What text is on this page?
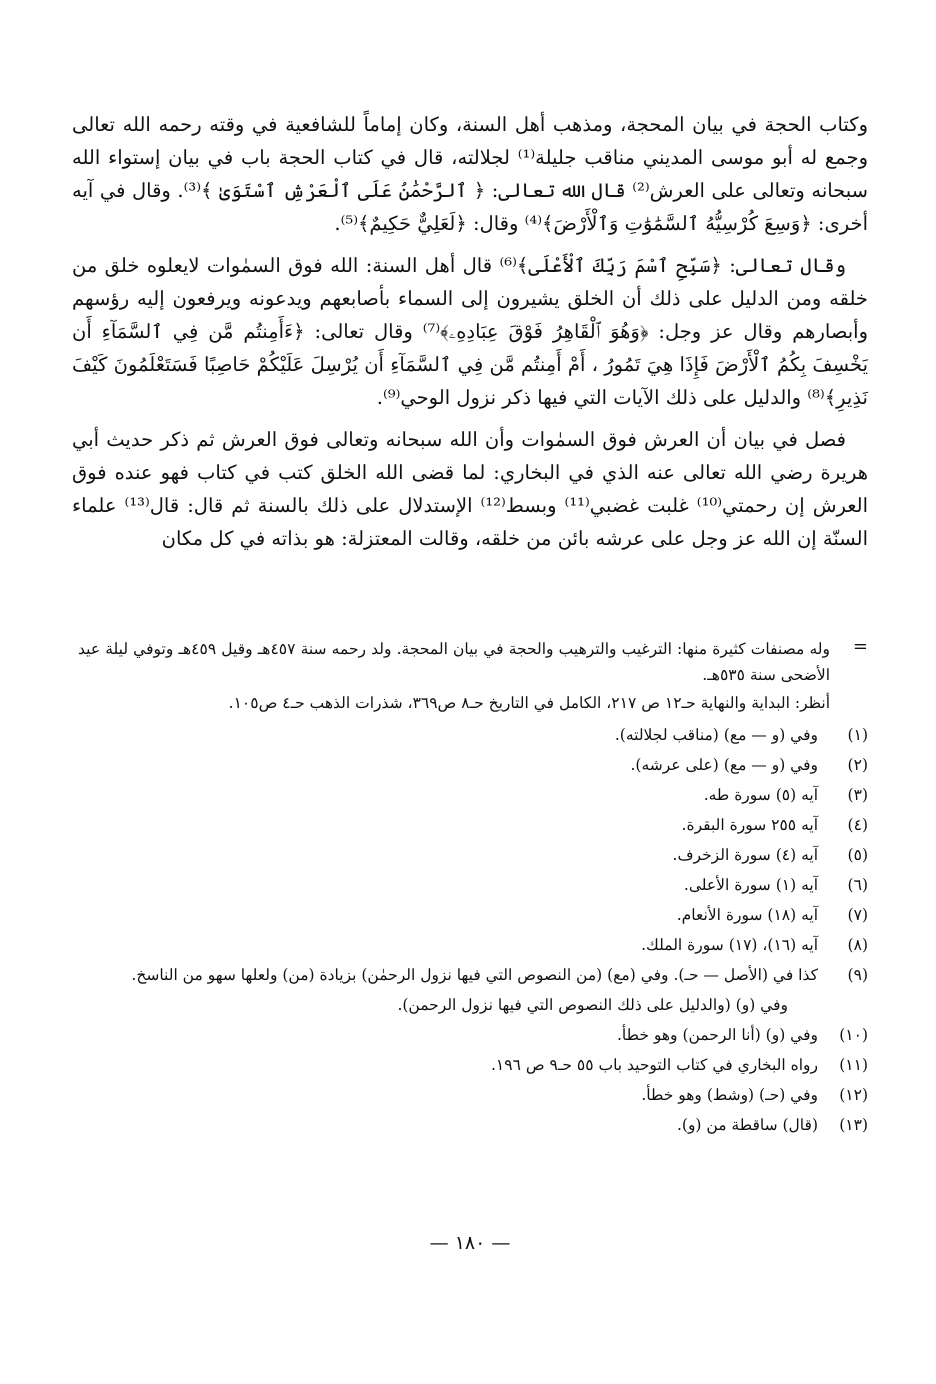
وكتاب الحجة في بيان المحجة، ومذهب أهل السنة، وكان إماماً للشافعية في وقته رحمه الله تعالى وجمع له أبو موسى المديني مناقب جليلة⁽¹⁾ لجلالته، قال في كتاب الحجة باب في بيان إستواء الله سبحانه وتعالى على العرش⁽²⁾ قال الله تعالى: ﴿ ٱلرَّحْمَٰنُ عَلَى ٱلْعَرْشِ ٱسْتَوَىٰ ﴾⁽³⁾. وقال في آيه أخرى: ﴿وَسِعَ كُرْسِيُّهُ ٱلسَّمَٰوَٰتِ وَٱلْأَرْضَ﴾⁽⁴⁾ وقال: ﴿لَعَلِيٌّ حَكِيمٌ﴾⁽⁵⁾.

وقال تعالى: ﴿سَبِّحِ ٱسْمَ رَبِّكَ ٱلْأَعْلَى﴾⁽⁶⁾ قال أهل السنة: الله فوق السمٰوات لايعلوه خلق من خلقه ومن الدليل على ذلك أن الخلق يشيرون إلى السماء بأصابعهم ويدعونه ويرفعون إليه رؤسهم وأبصارهم وقال عز وجل: ﴿وَهُوَ ٱلْقَاهِرُ فَوْقَ عِبَادِهِۦ﴾⁽⁷⁾ وقال تعالى: ﴿ءَأَمِنتُم مَّن فِي ٱلسَّمَآءِ أَن يَخْسِفَ بِكُمُ ٱلْأَرْضَ فَإِذَا هِيَ تَمُورُ ، أَمْ أَمِنتُم مَّن فِي ٱلسَّمَآءِ أَن يُرْسِلَ عَلَيْكُمْ حَاصِبًا فَسَتَعْلَمُونَ كَيْفَ نَذِيرِ﴾⁽⁸⁾ والدليل على ذلك الآيات التي فيها ذكر نزول الوحي⁽⁹⁾.

فصل في بيان أن العرش فوق السمٰوات وأن الله سبحانه وتعالى فوق العرش ثم ذكر حديث أبي هريرة رضي الله تعالى عنه الذي في البخاري: لما قضى الله الخلق كتب في كتاب فهو عنده فوق العرش إن رحمتي⁽¹⁰⁾ غلبت غضبي⁽¹¹⁾ وبسط⁽¹²⁾ الإستدلال على ذلك بالسنة ثم قال: قال⁽¹³⁾ علماء السنّة إن الله عز وجل على عرشه بائن من خلقه، وقالت المعتزلة: هو بذاته في كل مكان

=
وله مصنفات كثيرة منها: الترغيب والترهيب والحجة في بيان المحجة. ولد رحمه سنة ٤٥٧هـ وقيل ٤٥٩هـ وتوفي ليلة عيد الأضحى سنة ٥٣٥هـ.
أنظر: البداية والنهاية حـ١٢ ص ٢١٧، الكامل في التاريخ حـ٨ ص٣٦٩، شذرات الذهب حـ٤ ص١٠٥.
(١)
وفي (و — مع) (مناقب لجلالته).
(٢)
وفي (و — مع) (على عرشه).
(٣)
آيه (٥) سورة طه.
(٤)
آيه ٢٥٥ سورة البقرة.
(٥)
آيه (٤) سورة الزخرف.
(٦)
آيه (١) سورة الأعلى.
(٧)
آيه (١٨) سورة الأنعام.
(٨)
آيه (١٦)، (١٧) سورة الملك.
(٩)
كذا في (الأصل — حـ). وفي (مع) (من النصوص التي فيها نزول الرحمٰن) بزيادة (من) ولعلها سهو من الناسخ.
وفي (و) (والدليل على ذلك النصوص التي فيها نزول الرحمن).
(١٠)
وفي (و) (أنا الرحمن) وهو خطأ.
(١١)
رواه البخاري في كتاب التوحيد باب ٥٥ حـ٩ ص ١٩٦.
(١٢)
وفي (حـ) (وشط) وهو خطأ.
(١٣)
(قال) ساقطة من (و).
— ١٨٠ —
